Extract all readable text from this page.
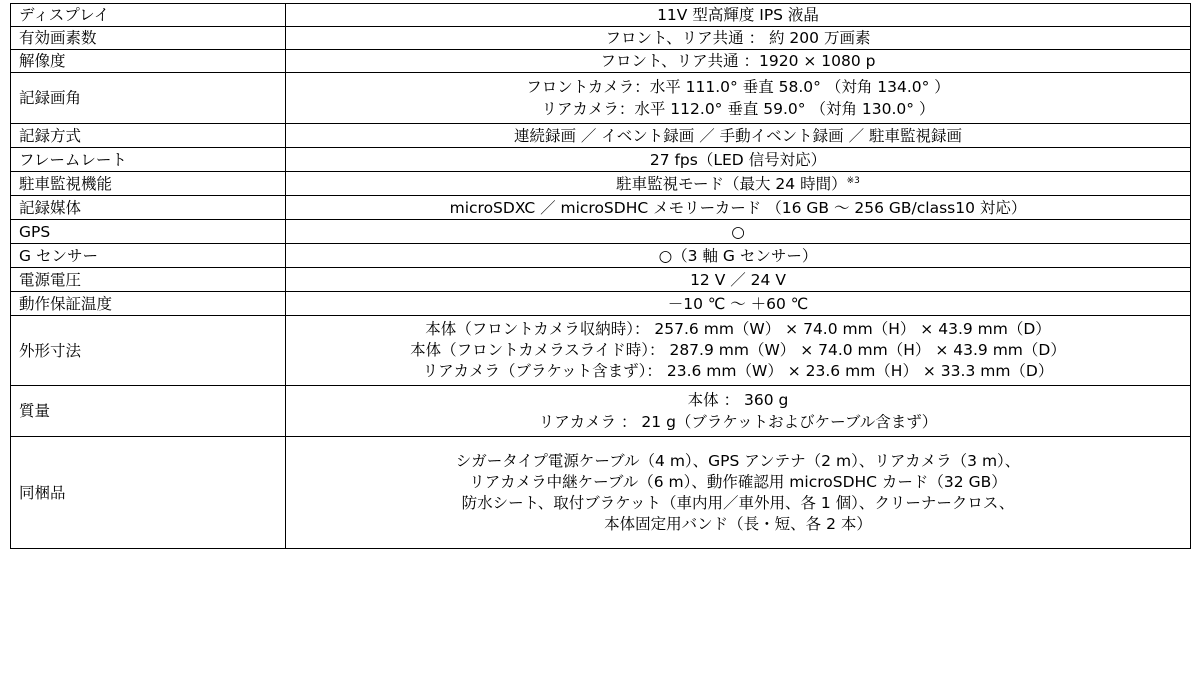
ディスプレイ	11V 型高輝度 IPS 液晶

有効画素数	フロント、リア共通 ： 約 200 万画素

解像度	フロント、リア共通 ：1920 × 1080 p

記録画角	フロントカメラ：水平 111.0° 垂直 58.0° （対角 134.0° ）
リアカメラ：水平 112.0° 垂直 59.0° （対角 130.0° ）

記録方式	連続録画 ／ イベント録画 ／ 手動イベント録画 ／ 駐車監視録画

フレームレート	27 fps（LED 信号対応）

駐車監視機能	駐車監視モード（最大 24 時間）$^{※3}$

記録媒体	microSDXC ／ microSDHC メモリーカード （16 GB ～ 256 GB/class10 対応）

GPS	○

G センサー	○（3 軸 G センサー）

電源電圧	12 V ／ 24 V

動作保証温度	－10 ℃ ～ ＋60 ℃

外形寸法	本体（フロントカメラ収納時）： 257.6 mm（W） × 74.0 mm（H） × 43.9 mm（D）
本体（フロントカメラスライド時）： 287.9 mm（W） × 74.0 mm（H） × 43.9 mm（D）
リアカメラ（ブラケット含まず）： 23.6 mm（W） × 23.6 mm（H） × 33.3 mm（D）

質量	本体 ： 360 g
リアカメラ ： 21 g（ブラケットおよびケーブル含まず）

同梱品	シガータイプ電源ケーブル（4 m）、GPS アンテナ（2 m）、リアカメラ（3 m）、
リアカメラ中継ケーブル（6 m）、動作確認用 microSDHC カード（32 GB）
防水シート、取付ブラケット（車内用／車外用、各 1 個）、クリーナークロス、
本体固定用バンド（長・短、各 2 本）
